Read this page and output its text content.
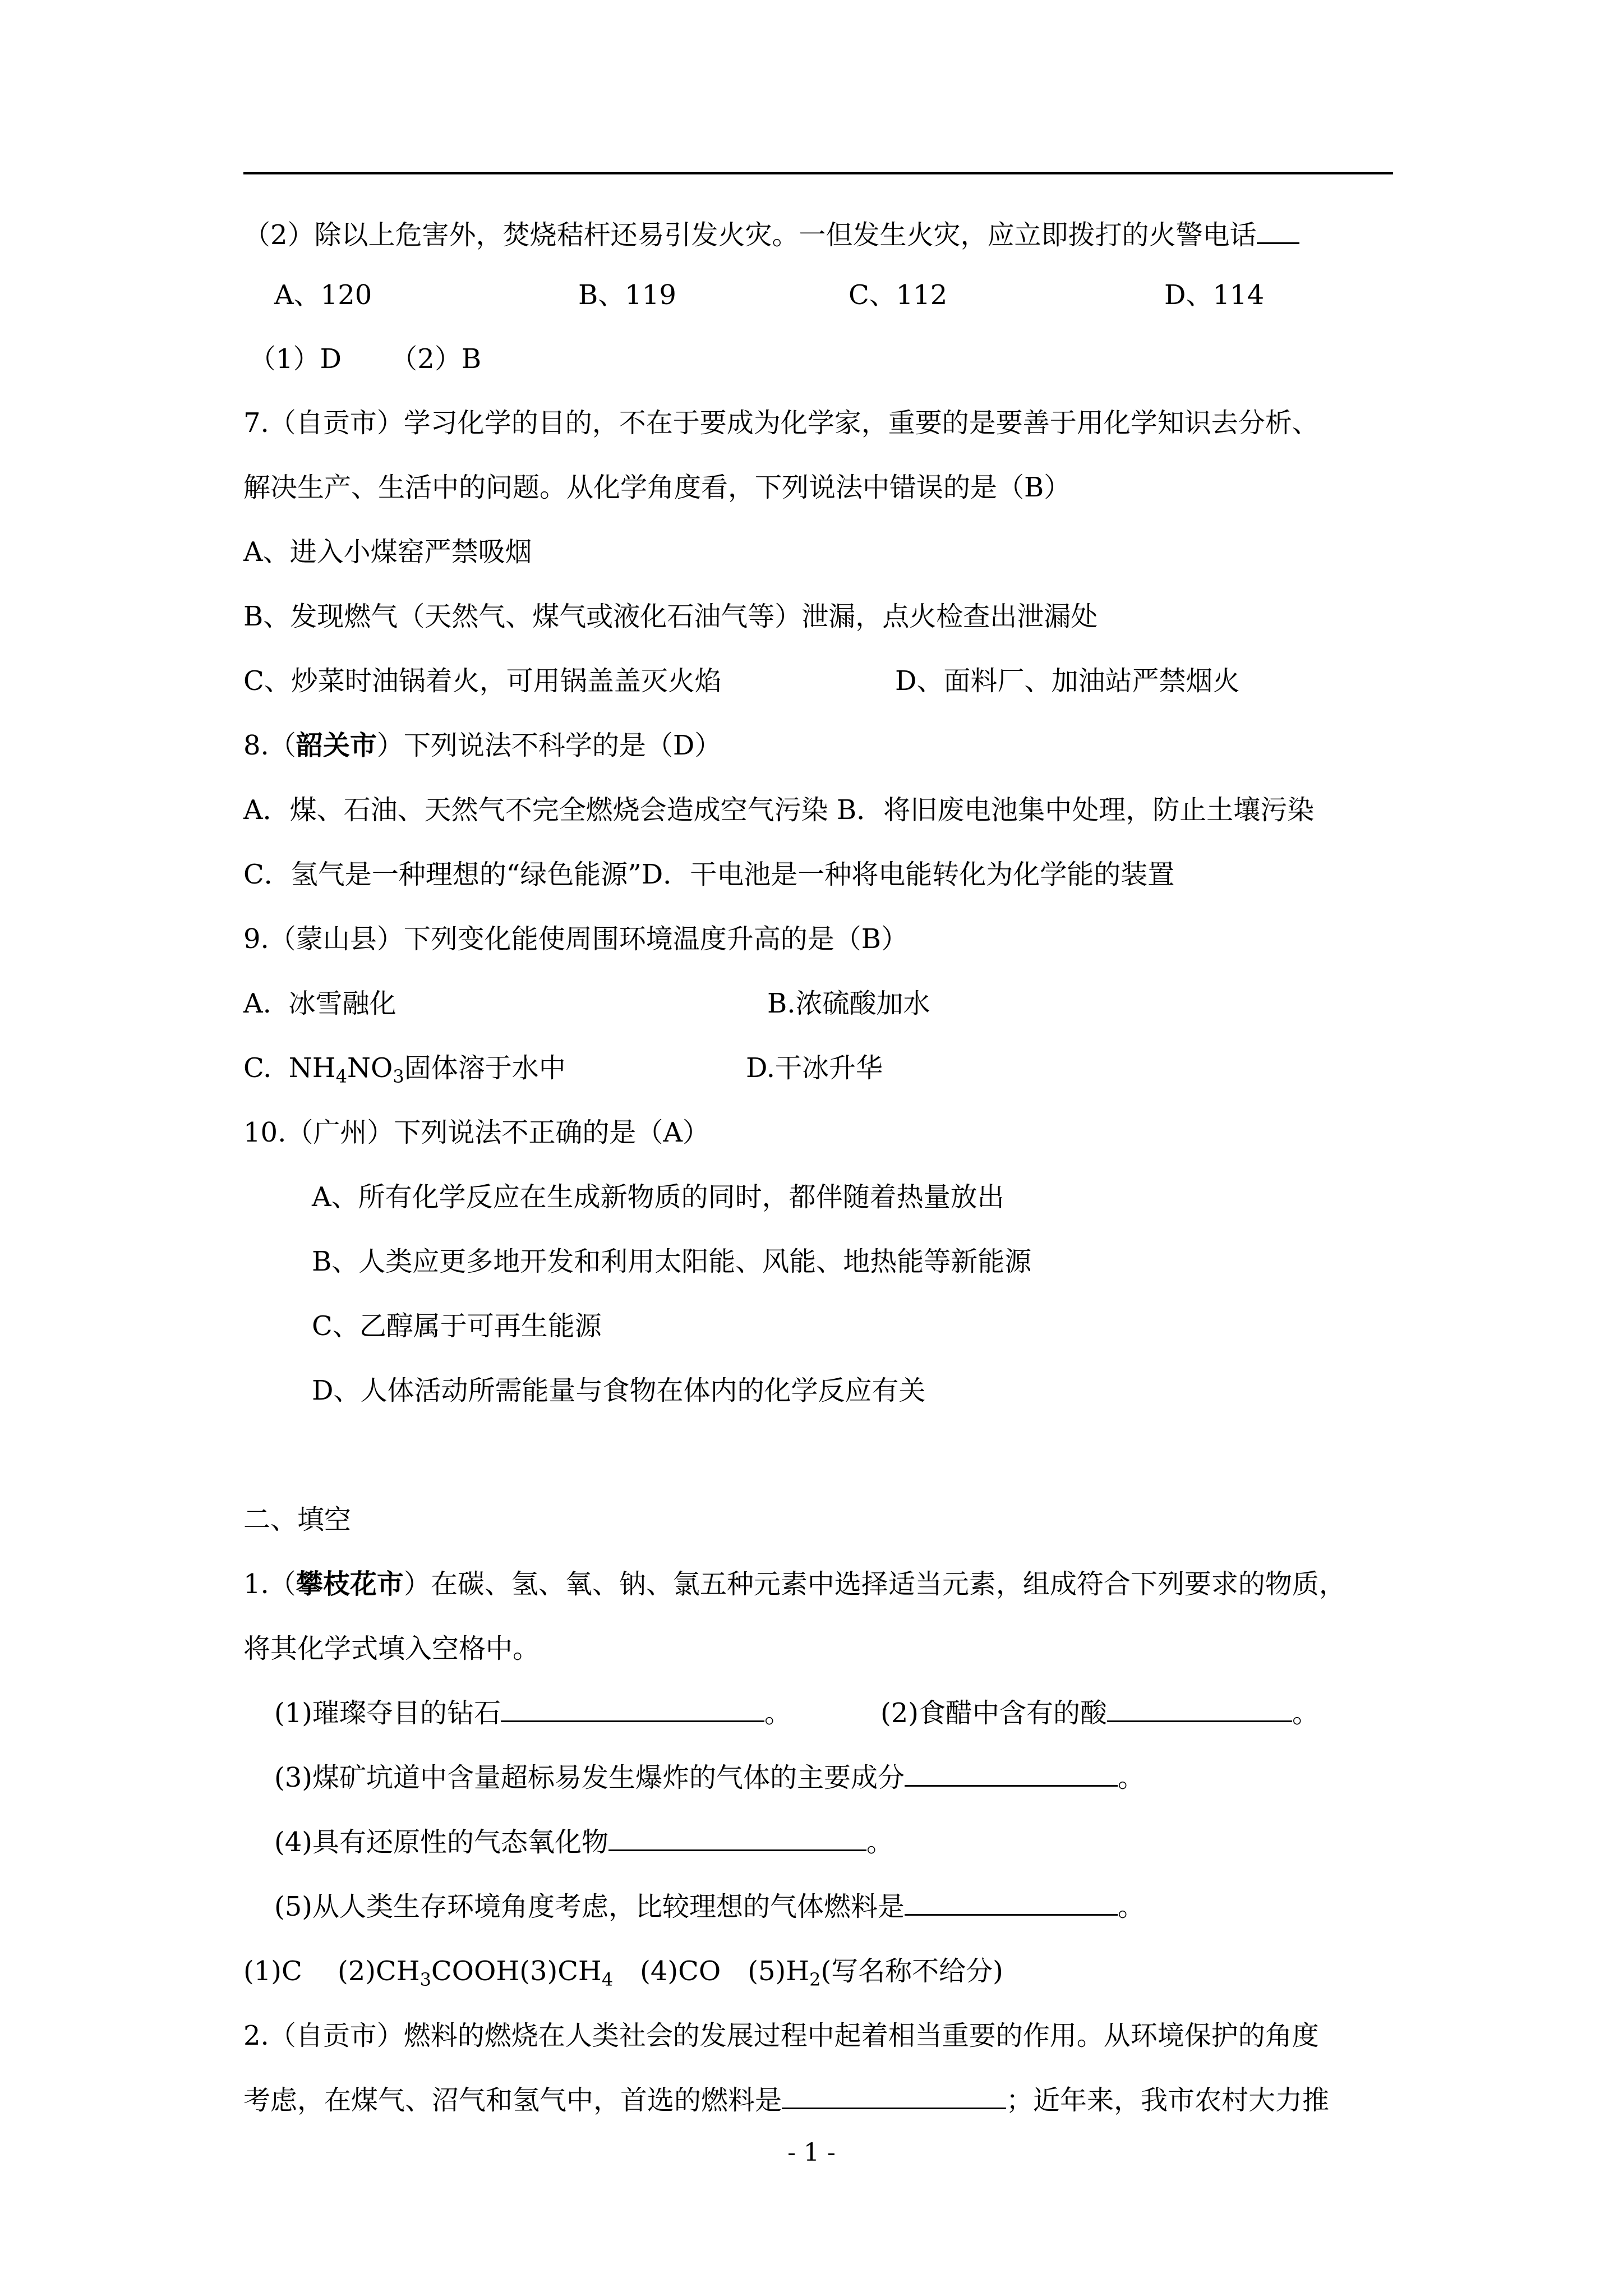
（2）除以上危害外，焚烧秸杆还易引发火灾。一但发生火灾，应立即拨打的火警电话
A、120	B、119	C、112	D、114
（1）D　 　（2）B
7.（自贡市）学习化学的目的，不在于要成为化学家，重要的是要善于用化学知识去分析、
解决生产、生活中的问题。从化学角度看，下列说法中错误的是（B）
A、进入小煤窑严禁吸烟
B、发现燃气（天然气、煤气或液化石油气等）泄漏，点火检查出泄漏处
C、炒菜时油锅着火，可用锅盖盖灭火焰	D、面料厂、加油站严禁烟火
8.（韶关市）下列说法不科学的是（D）
A．煤、石油、天然气不完全燃烧会造成空气污染 B．将旧废电池集中处理，防止土壤污染
C．氢气是一种理想的“绿色能源”D．干电池是一种将电能转化为化学能的装置
9.（蒙山县）下列变化能使周围环境温度升高的是（B）
A.  冰雪融化	B.浓硫酸加水
C.  $NH_4NO_3$固体溶于水中	D.干冰升华
10.（广州）下列说法不正确的是（A）
A、所有化学反应在生成新物质的同时，都伴随着热量放出
B、人类应更多地开发和利用太阳能、风能、地热能等新能源
C、乙醇属于可再生能源
D、人体活动所需能量与食物在体内的化学反应有关
二、填空
1.（攀枝花市）在碳、氢、氧、钠、氯五种元素中选择适当元素，组成符合下列要求的物质，
将其化学式填入空格中。
(1)璀璨夺目的钻石	。	(2)食醋中含有的酸	。
(3)煤矿坑道中含量超标易发生爆炸的气体的主要成分	。
(4)具有还原性的气态氧化物	。
(5)从人类生存环境角度考虑，比较理想的气体燃料是	。
(1)C　 $(2)CH_3COOH(3)CH_4$　(4)CO　$(5)H_2$(写名称不给分)
2.（自贡市）燃料的燃烧在人类社会的发展过程中起着相当重要的作用。从环境保护的角度
考虑，在煤气、沼气和氢气中，首选的燃料是	；近年来，我市农村大力推
- 1 -
